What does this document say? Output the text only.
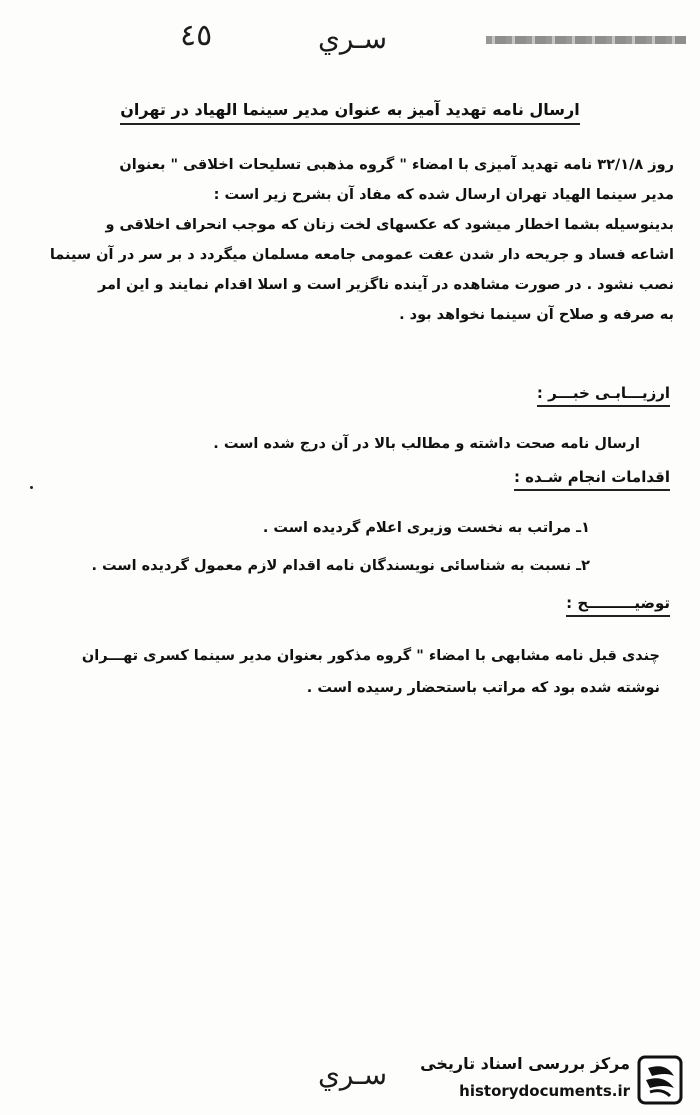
٤٥	سـري
ارسال نامه تهدید آمیز به عنوان مدیر سینما الهیاد در تهران
روز ۳۲/۱/۸ نامه تهدید آمیزی با امضاء " گروه مذهبی تسلیحات اخلاقی " بعنوان
مدیر سینما الهیاد تهران ارسال شده که مفاد آن بشرح زیر است :
بدینوسیله بشما اخطار میشود که عکسهای لخت زنان که موجب انحراف اخلاقی و
اشاعه فساد و جریحه دار شدن عفت عمومی جامعه مسلمان میگردد د بر سر در آن سینما
نصب نشود . در صورت مشاهده در آینده ناگزیر است و اسلا اقدام نمایند و این امر
به صرفه و صلاح آن سینما نخواهد بود .
ارزیـــابـی خبـــر :
ارسال نامه صحت داشته و مطالب بالا در آن درج شده است .
اقدامات انجام شـده :
۱ـ مراتب به نخست وزیری اعلام گردیده است .
۲ـ نسبت به شناسائی نویسندگان نامه اقدام لازم معمول گردیده است .
توضیـــــــــح :
چندی قبل نامه مشابهی با امضاء " گروه مذکور بعنوان مدیر سینما کسری تهـــران
نوشته شده بود که مراتب باستحضار رسیده است .
سـري مرکز بررسی اسناد تاریخی
historydocuments.ir
